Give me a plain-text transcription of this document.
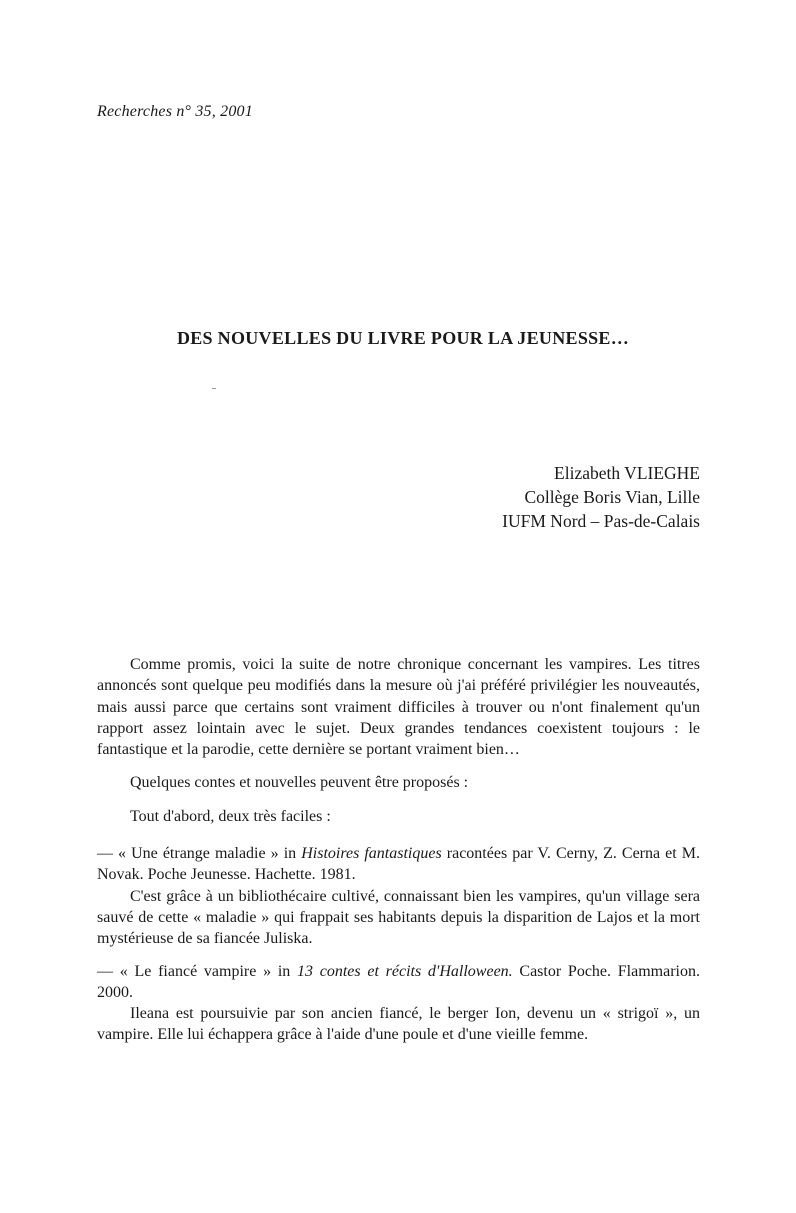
Recherches n° 35, 2001
DES NOUVELLES DU LIVRE POUR LA JEUNESSE…
Elizabeth VLIEGHE
Collège Boris Vian, Lille
IUFM Nord – Pas-de-Calais

Comme promis, voici la suite de notre chronique concernant les vampires. Les titres annoncés sont quelque peu modifiés dans la mesure où j'ai préféré privilégier les nouveautés, mais aussi parce que certains sont vraiment difficiles à trouver ou n'ont finalement qu'un rapport assez lointain avec le sujet. Deux grandes tendances coexistent toujours : le fantastique et la parodie, cette dernière se portant vraiment bien…

Quelques contes et nouvelles peuvent être proposés :

Tout d'abord, deux très faciles :

— « Une étrange maladie » in Histoires fantastiques racontées par V. Cerny, Z. Cerna et M. Novak. Poche Jeunesse. Hachette. 1981.

C'est grâce à un bibliothécaire cultivé, connaissant bien les vampires, qu'un village sera sauvé de cette « maladie » qui frappait ses habitants depuis la disparition de Lajos et la mort mystérieuse de sa fiancée Juliska.

— « Le fiancé vampire » in 13 contes et récits d'Halloween. Castor Poche. Flammarion. 2000.

Ileana est poursuivie par son ancien fiancé, le berger Ion, devenu un « strigoï », un vampire. Elle lui échappera grâce à l'aide d'une poule et d'une vieille femme.
